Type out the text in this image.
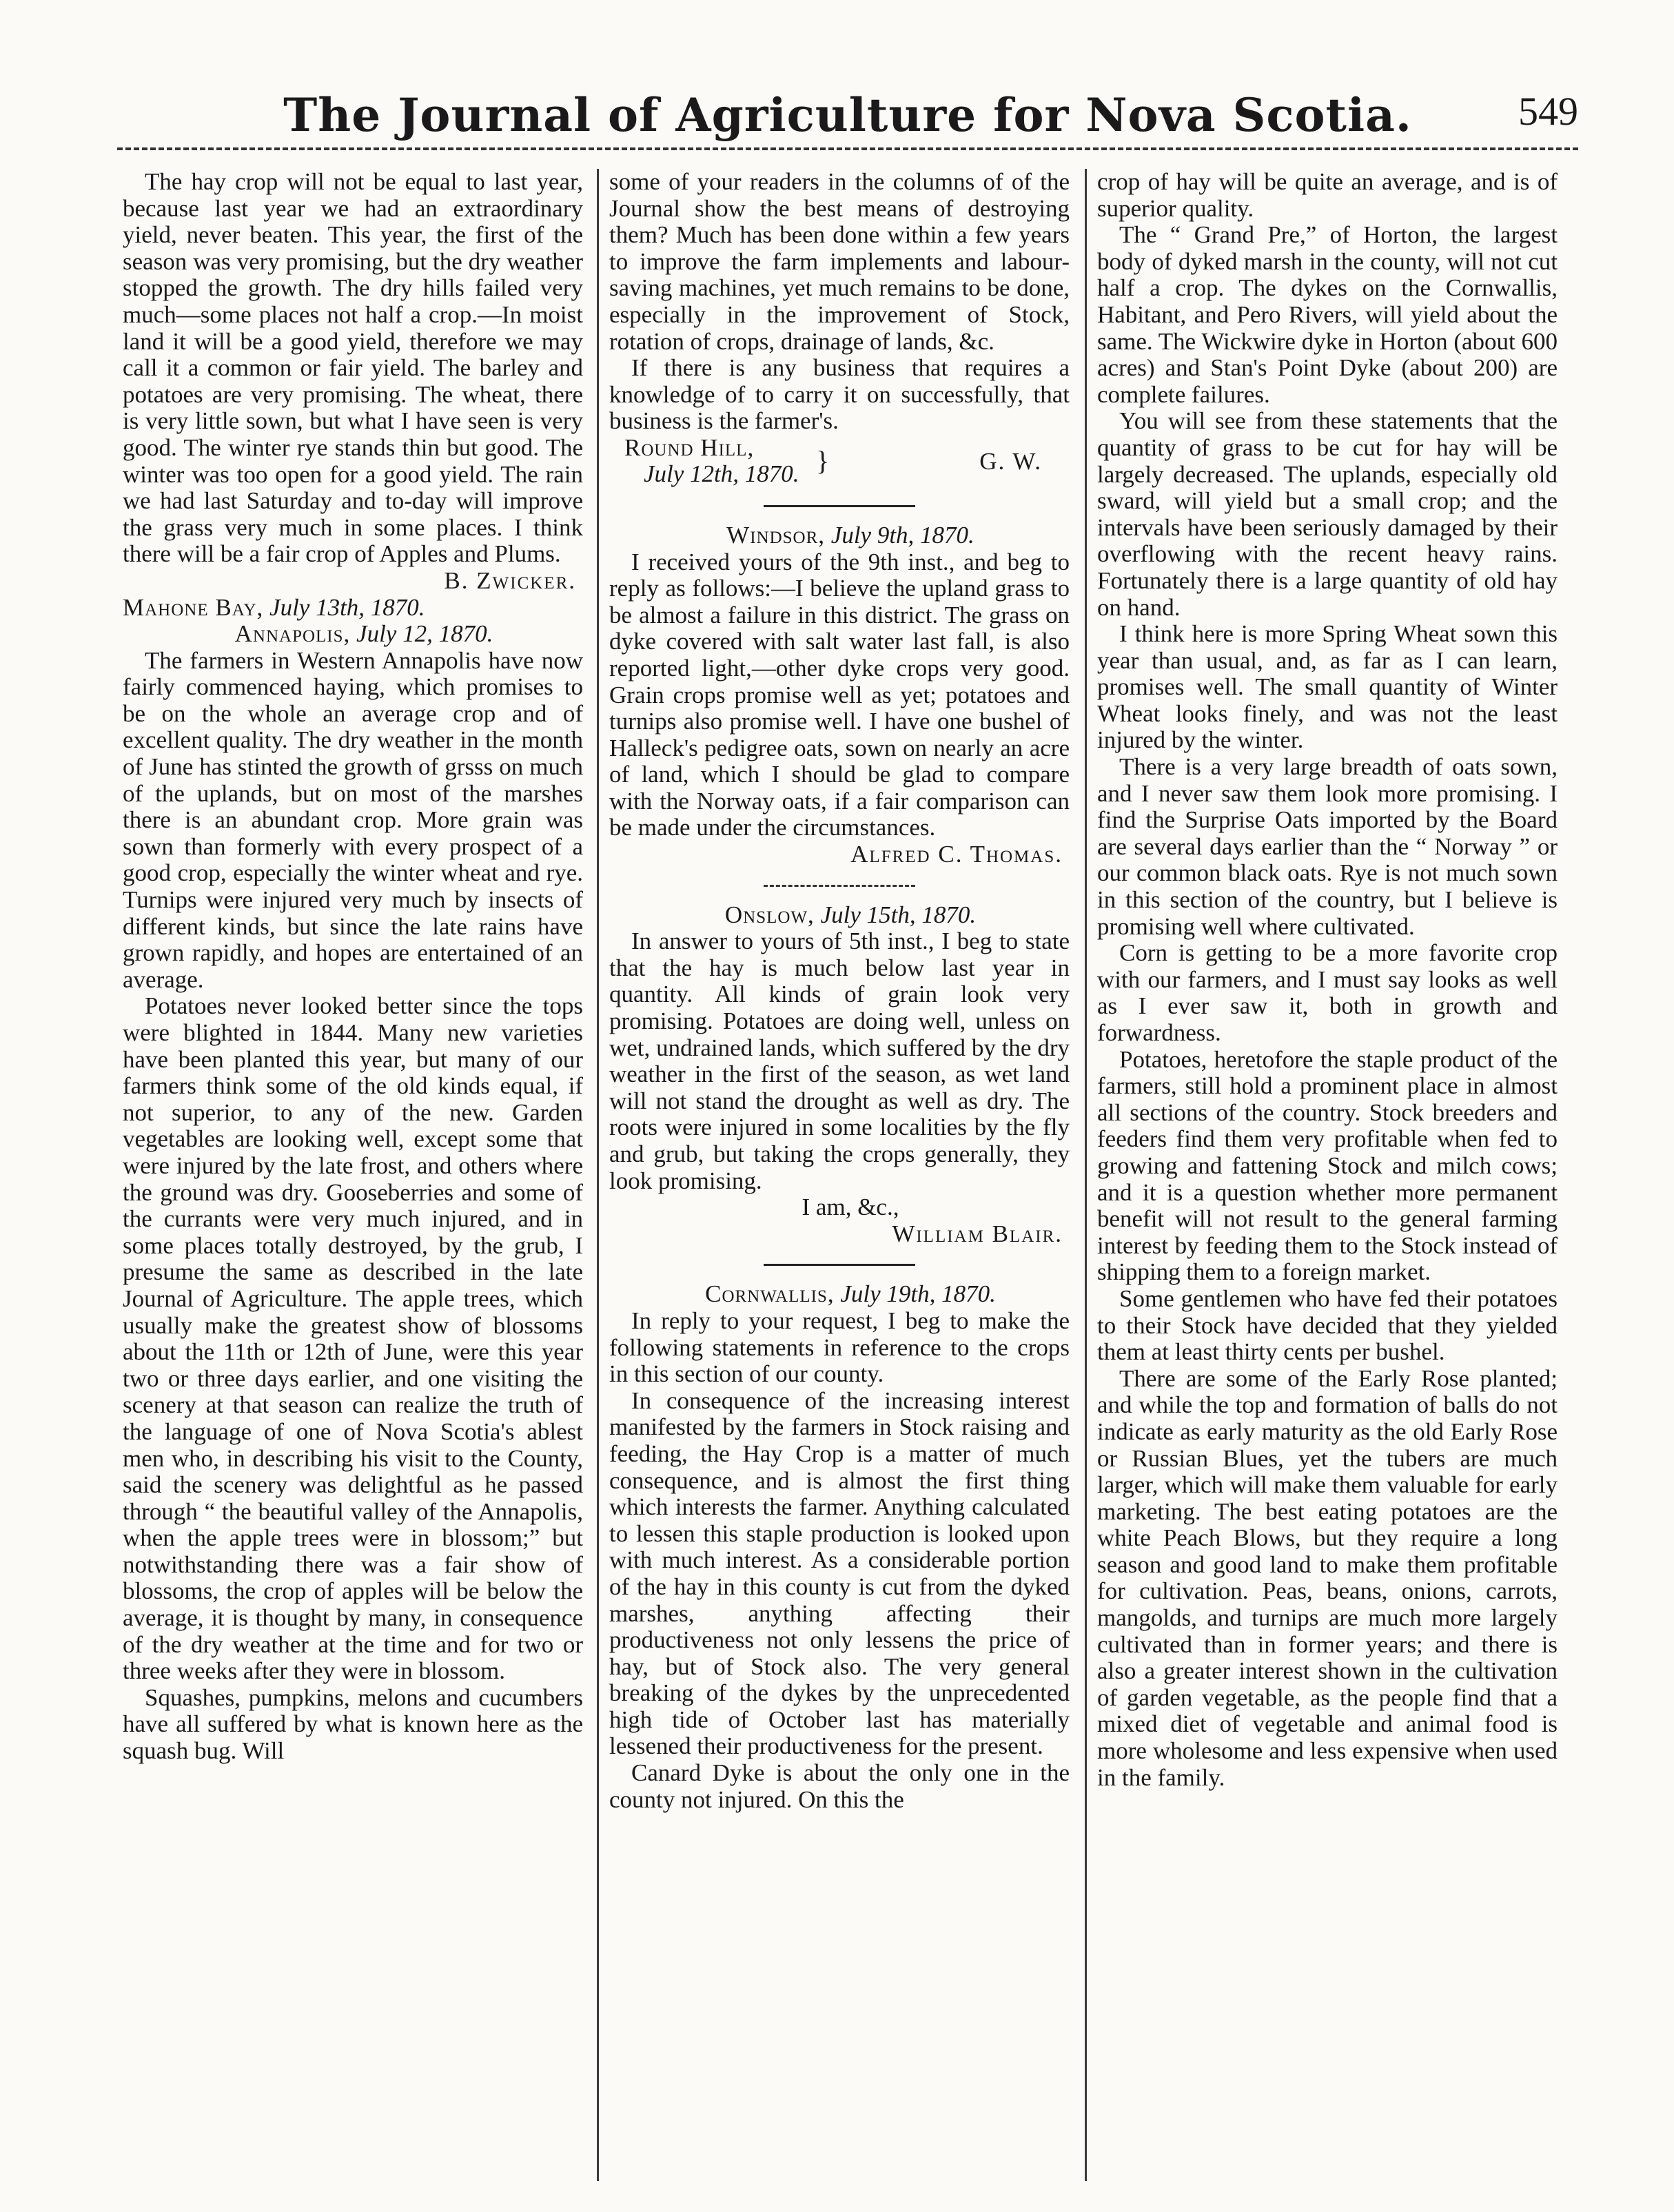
The Journal of Agriculture for Nova Scotia.	549

The hay crop will not be equal to last year, because last year we had an extraordinary yield, never beaten. This year, the first of the season was very promising, but the dry weather stopped the growth. The dry hills failed very much—some places not half a crop.—In moist land it will be a good yield, therefore we may call it a common or fair yield. The barley and potatoes are very promising. The wheat, there is very little sown, but what I have seen is very good. The winter rye stands thin but good. The winter was too open for a good yield. The rain we had last Saturday and to-day will improve the grass very much in some places. I think there will be a fair crop of Apples and Plums.

B. Zwicker.

Mahone Bay, July 13th, 1870.

Annapolis, July 12, 1870.

The farmers in Western Annapolis have now fairly commenced haying, which promises to be on the whole an average crop and of excellent quality. The dry weather in the month of June has stinted the growth of grsss on much of the uplands, but on most of the marshes there is an abundant crop. More grain was sown than formerly with every prospect of a good crop, especially the winter wheat and rye. Turnips were injured very much by insects of different kinds, but since the late rains have grown rapidly, and hopes are entertained of an average.

Potatoes never looked better since the tops were blighted in 1844. Many new varieties have been planted this year, but many of our farmers think some of the old kinds equal, if not superior, to any of the new. Garden vegetables are looking well, except some that were injured by the late frost, and others where the ground was dry. Gooseberries and some of the currants were very much injured, and in some places totally destroyed, by the grub, I presume the same as described in the late Journal of Agriculture. The apple trees, which usually make the greatest show of blossoms about the 11th or 12th of June, were this year two or three days earlier, and one visiting the scenery at that season can realize the truth of the language of one of Nova Scotia's ablest men who, in describing his visit to the County, said the scenery was delightful as he passed through “ the beautiful valley of the Annapolis, when the apple trees were in blossom;” but notwithstanding there was a fair show of blossoms, the crop of apples will be below the average, it is thought by many, in consequence of the dry weather at the time and for two or three weeks after they were in blossom.

Squashes, pumpkins, melons and cucumbers have all suffered by what is known here as the squash bug. Will

some of your readers in the columns of of the Journal show the best means of destroying them? Much has been done within a few years to improve the farm implements and labour-saving machines, yet much remains to be done, especially in the improvement of Stock, rotation of crops, drainage of lands, &c.

If there is any business that requires a knowledge of to carry it on successfully, that business is the farmer's.

Round Hill,
July 12th, 1870. }	G. W.

Windsor, July 9th, 1870.

I received yours of the 9th inst., and beg to reply as follows:—I believe the upland grass to be almost a failure in this district. The grass on dyke covered with salt water last fall, is also reported light,—other dyke crops very good. Grain crops promise well as yet; potatoes and turnips also promise well. I have one bushel of Halleck's pedigree oats, sown on nearly an acre of land, which I should be glad to compare with the Norway oats, if a fair comparison can be made under the circumstances.

Alfred C. Thomas.

Onslow, July 15th, 1870.

In answer to yours of 5th inst., I beg to state that the hay is much below last year in quantity. All kinds of grain look very promising. Potatoes are doing well, unless on wet, undrained lands, which suffered by the dry weather in the first of the season, as wet land will not stand the drought as well as dry. The roots were injured in some localities by the fly and grub, but taking the crops generally, they look promising.

I am, &c.,

William Blair.

Cornwallis, July 19th, 1870.

In reply to your request, I beg to make the following statements in reference to the crops in this section of our county.

In consequence of the increasing interest manifested by the farmers in Stock raising and feeding, the Hay Crop is a matter of much consequence, and is almost the first thing which interests the farmer. Anything calculated to lessen this staple production is looked upon with much interest. As a considerable portion of the hay in this county is cut from the dyked marshes, anything affecting their productiveness not only lessens the price of hay, but of Stock also. The very general breaking of the dykes by the unprecedented high tide of October last has materially lessened their productiveness for the present.

Canard Dyke is about the only one in the county not injured. On this the

crop of hay will be quite an average, and is of superior quality.

The “ Grand Pre,” of Horton, the largest body of dyked marsh in the county, will not cut half a crop. The dykes on the Cornwallis, Habitant, and Pero Rivers, will yield about the same. The Wickwire dyke in Horton (about 600 acres) and Stan's Point Dyke (about 200) are complete failures.

You will see from these statements that the quantity of grass to be cut for hay will be largely decreased. The uplands, especially old sward, will yield but a small crop; and the intervals have been seriously damaged by their overflowing with the recent heavy rains. Fortunately there is a large quantity of old hay on hand.

I think here is more Spring Wheat sown this year than usual, and, as far as I can learn, promises well. The small quantity of Winter Wheat looks finely, and was not the least injured by the winter.

There is a very large breadth of oats sown, and I never saw them look more promising. I find the Surprise Oats imported by the Board are several days earlier than the “ Norway ” or our common black oats. Rye is not much sown in this section of the country, but I believe is promising well where cultivated.

Corn is getting to be a more favorite crop with our farmers, and I must say looks as well as I ever saw it, both in growth and forwardness.

Potatoes, heretofore the staple product of the farmers, still hold a prominent place in almost all sections of the country. Stock breeders and feeders find them very profitable when fed to growing and fattening Stock and milch cows; and it is a question whether more permanent benefit will not result to the general farming interest by feeding them to the Stock instead of shipping them to a foreign market.

Some gentlemen who have fed their potatoes to their Stock have decided that they yielded them at least thirty cents per bushel.

There are some of the Early Rose planted; and while the top and formation of balls do not indicate as early maturity as the old Early Rose or Russian Blues, yet the tubers are much larger, which will make them valuable for early marketing. The best eating potatoes are the white Peach Blows, but they require a long season and good land to make them profitable for cultivation. Peas, beans, onions, carrots, mangolds, and turnips are much more largely cultivated than in former years; and there is also a greater interest shown in the cultivation of garden vegetable, as the people find that a mixed diet of vegetable and animal food is more wholesome and less expensive when used in the family.
